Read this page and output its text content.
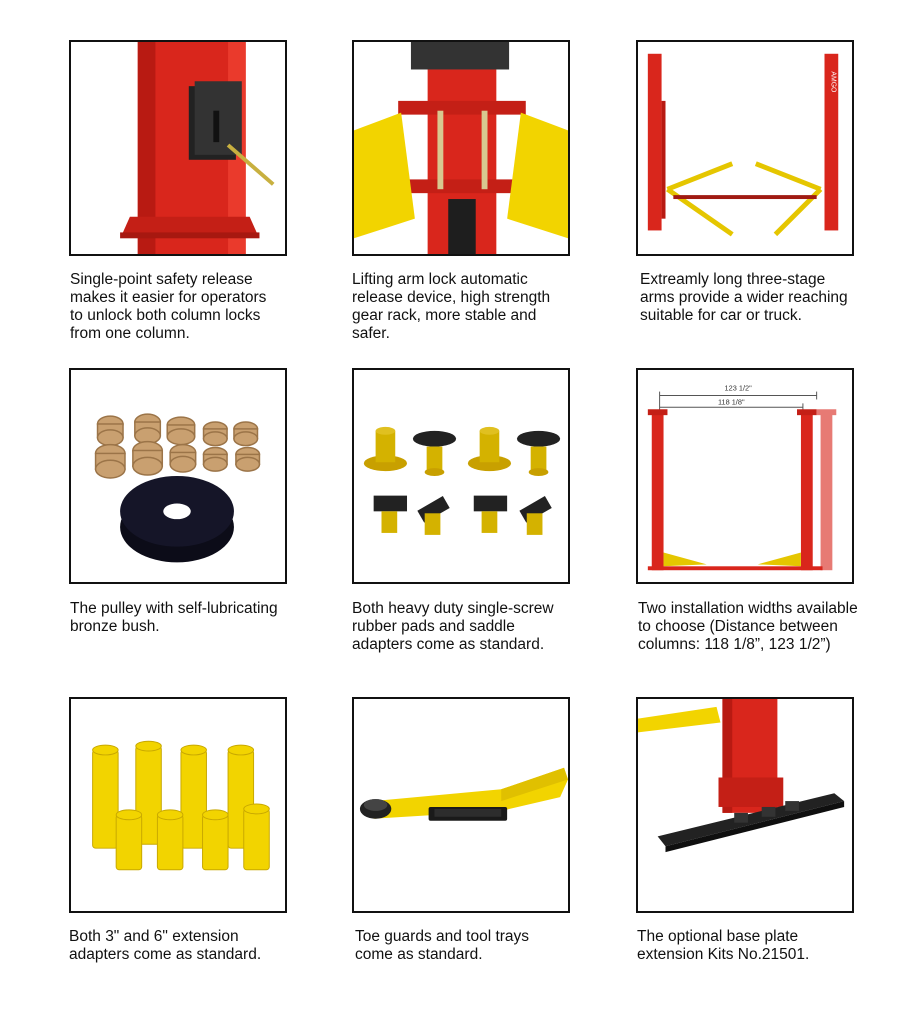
Single-point safety release
makes it easier for operators
to unlock both column locks
from one column.
Lifting arm lock automatic
release device, high strength
gear rack, more stable and
safer.
AMGO
Extreamly long three-stage
arms provide a wider reaching
suitable for car or truck.
The pulley with self-lubricating
bronze bush.
Both heavy duty single-screw
rubber pads and saddle
adapters come as standard.
123 1/2"
118 1/8"
Two installation widths available
to choose (Distance between
columns: 118 1/8”, 123 1/2”)
Both 3" and 6" extension
adapters come as standard.
Toe guards and tool trays
come as standard.
The optional base plate
extension Kits No.21501.
